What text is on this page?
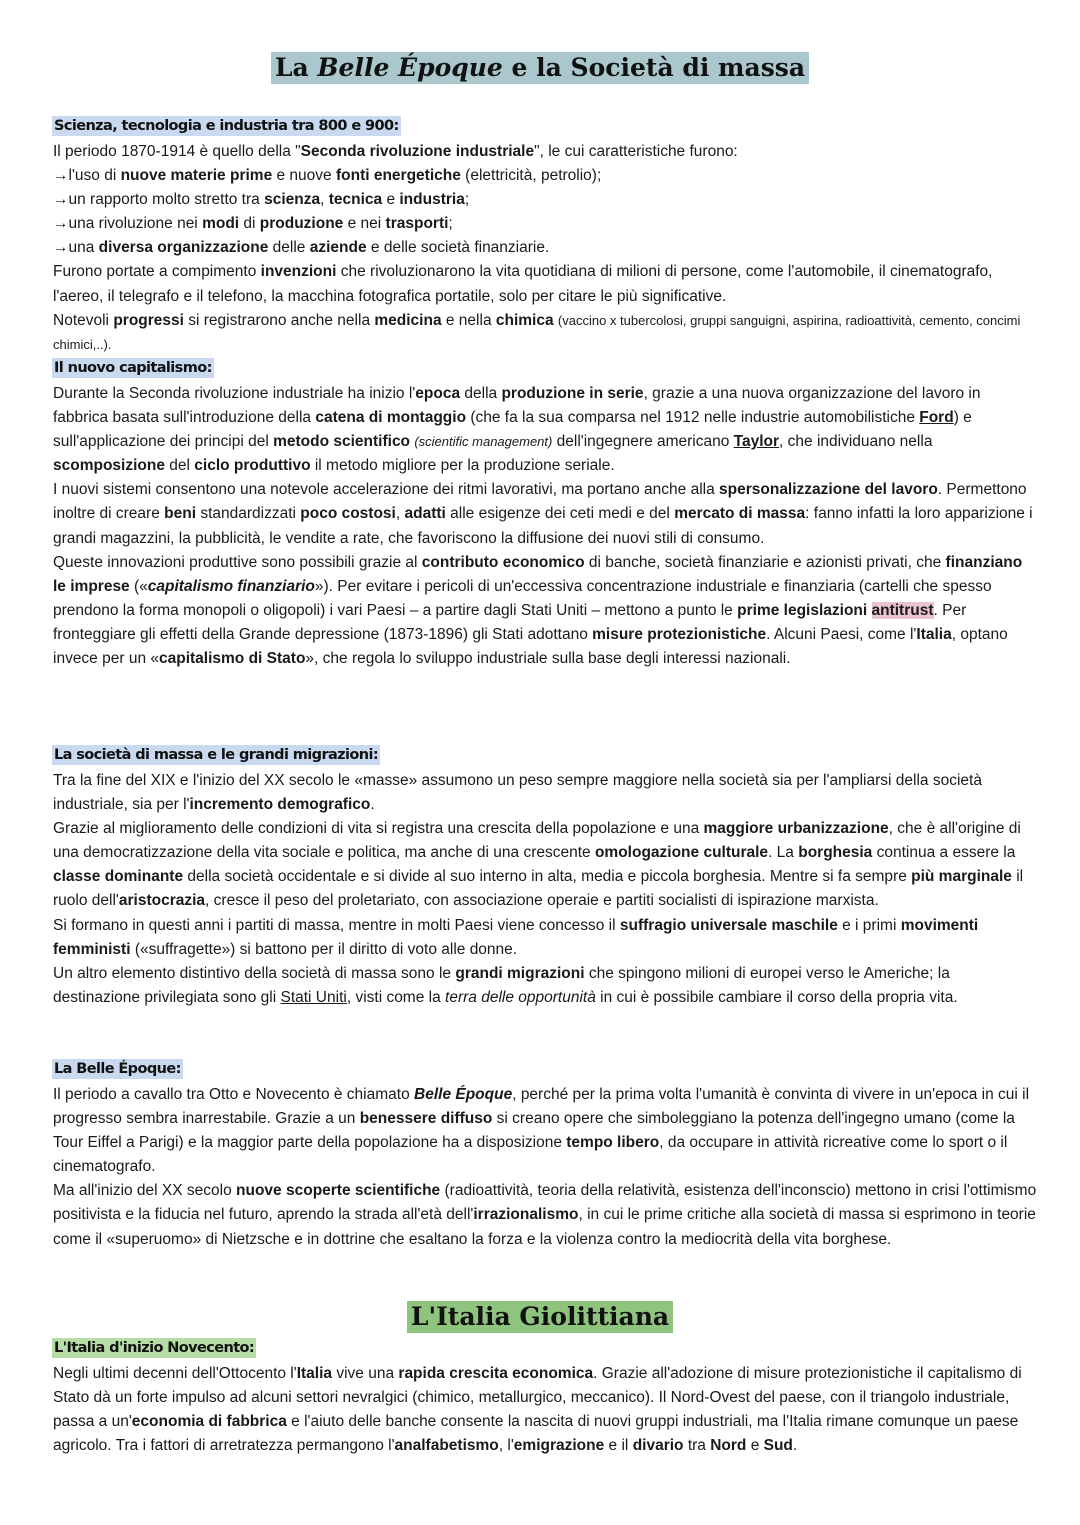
La Belle Époque e la Società di massa
Scienza, tecnologia e industria tra 800 e 900:

Il periodo 1870-1914 è quello della "Seconda rivoluzione industriale", le cui caratteristiche furono:

→l'uso di nuove materie prime e nuove fonti energetiche (elettricità, petrolio);

→un rapporto molto stretto tra scienza, tecnica e industria;

→una rivoluzione nei modi di produzione e nei trasporti;

→una diversa organizzazione delle aziende e delle società finanziarie.

Furono portate a compimento invenzioni che rivoluzionarono la vita quotidiana di milioni di persone, come l'automobile, il cinematografo, l'aereo, il telegrafo e il telefono, la macchina fotografica portatile, solo per citare le più significative.

Notevoli progressi si registrarono anche nella medicina e nella chimica (vaccino x tubercolosi, gruppi sanguigni, aspirina, radioattività, cemento, concimi chimici,..).

Il nuovo capitalismo:

Durante la Seconda rivoluzione industriale ha inizio l'epoca della produzione in serie, grazie a una nuova organizzazione del lavoro in fabbrica basata sull'introduzione della catena di montaggio (che fa la sua comparsa nel 1912 nelle industrie automobilistiche Ford) e sull'applicazione dei principi del metodo scientifico (scientific management) dell'ingegnere americano Taylor, che individuano nella scomposizione del ciclo produttivo il metodo migliore per la produzione seriale.

I nuovi sistemi consentono una notevole accelerazione dei ritmi lavorativi, ma portano anche alla spersonalizzazione del lavoro. Permettono inoltre di creare beni standardizzati poco costosi, adatti alle esigenze dei ceti medi e del mercato di massa: fanno infatti la loro apparizione i grandi magazzini, la pubblicità, le vendite a rate, che favoriscono la diffusione dei nuovi stili di consumo.

Queste innovazioni produttive sono possibili grazie al contributo economico di banche, società finanziarie e azionisti privati, che finanziano le imprese («capitalismo finanziario»). Per evitare i pericoli di un'eccessiva concentrazione industriale e finanziaria (cartelli che spesso prendono la forma monopoli o oligopoli) i vari Paesi – a partire dagli Stati Uniti – mettono a punto le prime legislazioni antitrust. Per fronteggiare gli effetti della Grande depressione (1873-1896) gli Stati adottano misure protezionistiche. Alcuni Paesi, come l'Italia, optano invece per un «capitalismo di Stato», che regola lo sviluppo industriale sulla base degli interessi nazionali.

La società di massa e le grandi migrazioni:

Tra la fine del XIX e l'inizio del XX secolo le «masse» assumono un peso sempre maggiore nella società sia per l'ampliarsi della società industriale, sia per l'incremento demografico.

Grazie al miglioramento delle condizioni di vita si registra una crescita della popolazione e una maggiore urbanizzazione, che è all'origine di una democratizzazione della vita sociale e politica, ma anche di una crescente omologazione culturale. La borghesia continua a essere la classe dominante della società occidentale e si divide al suo interno in alta, media e piccola borghesia. Mentre si fa sempre più marginale il ruolo dell'aristocrazia, cresce il peso del proletariato, con associazione operaie e partiti socialisti di ispirazione marxista.

Si formano in questi anni i partiti di massa, mentre in molti Paesi viene concesso il suffragio universale maschile e i primi movimenti femministi («suffragette») si battono per il diritto di voto alle donne.

Un altro elemento distintivo della società di massa sono le grandi migrazioni che spingono milioni di europei verso le Americhe; la destinazione privilegiata sono gli Stati Uniti, visti come la terra delle opportunità in cui è possibile cambiare il corso della propria vita.

La Belle Époque:

Il periodo a cavallo tra Otto e Novecento è chiamato Belle Époque, perché per la prima volta l'umanità è convinta di vivere in un'epoca in cui il progresso sembra inarrestabile. Grazie a un benessere diffuso si creano opere che simboleggiano la potenza dell'ingegno umano (come la Tour Eiffel a Parigi) e la maggior parte della popolazione ha a disposizione tempo libero, da occupare in attività ricreative come lo sport o il cinematografo.

Ma all'inizio del XX secolo nuove scoperte scientifiche (radioattività, teoria della relatività, esistenza dell'inconscio) mettono in crisi l'ottimismo positivista e la fiducia nel futuro, aprendo la strada all'età dell'irrazionalismo, in cui le prime critiche alla società di massa si esprimono in teorie come il «superuomo» di Nietzsche e in dottrine che esaltano la forza e la violenza contro la mediocrità della vita borghese.

L'Italia Giolittiana
L'Italia d'inizio Novecento:

Negli ultimi decenni dell'Ottocento l'Italia vive una rapida crescita economica. Grazie all'adozione di misure protezionistiche il capitalismo di Stato dà un forte impulso ad alcuni settori nevralgici (chimico, metallurgico, meccanico). Il Nord-Ovest del paese, con il triangolo industriale, passa a un'economia di fabbrica e l'aiuto delle banche consente la nascita di nuovi gruppi industriali, ma l'Italia rimane comunque un paese agricolo. Tra i fattori di arretratezza permangono l'analfabetismo, l'emigrazione e il divario tra Nord e Sud.
